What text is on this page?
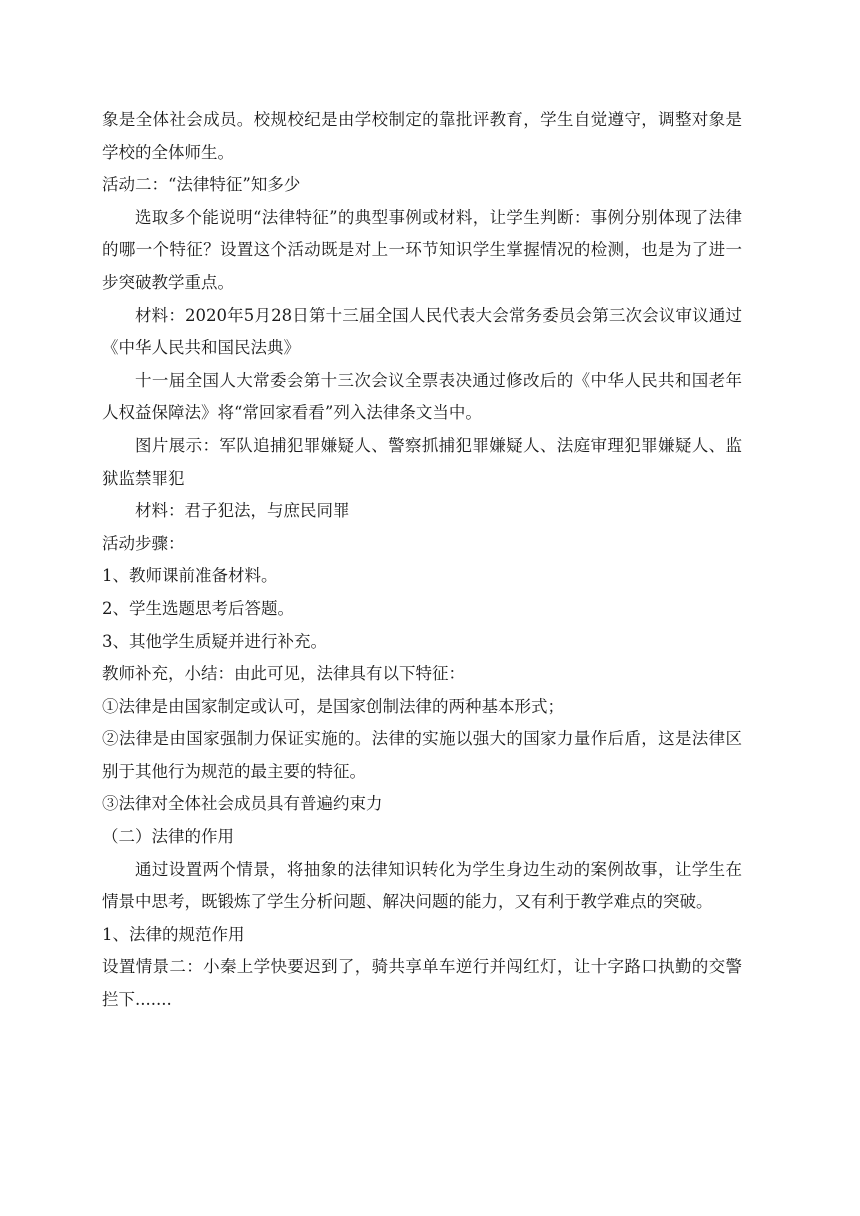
象是全体社会成员。校规校纪是由学校制定的靠批评教育，学生自觉遵守，调整对象是学校的全体师生。

活动二：“法律特征”知多少

选取多个能说明“法律特征”的典型事例或材料，让学生判断：事例分别体现了法律的哪一个特征？设置这个活动既是对上一环节知识学生掌握情况的检测，也是为了进一步突破教学重点。

材料：2020年5月28日第十三届全国人民代表大会常务委员会第三次会议审议通过《中华人民共和国民法典》

十一届全国人大常委会第十三次会议全票表决通过修改后的《中华人民共和国老年人权益保障法》将“常回家看看”列入法律条文当中。

图片展示：军队追捕犯罪嫌疑人、警察抓捕犯罪嫌疑人、法庭审理犯罪嫌疑人、监狱监禁罪犯

材料：君子犯法，与庶民同罪

活动步骤：

1、教师课前准备材料。

2、学生选题思考后答题。

3、其他学生质疑并进行补充。

教师补充，小结：由此可见，法律具有以下特征：

①法律是由国家制定或认可，是国家创制法律的两种基本形式；

②法律是由国家强制力保证实施的。法律的实施以强大的国家力量作后盾，这是法律区别于其他行为规范的最主要的特征。

③法律对全体社会成员具有普遍约束力

（二）法律的作用

通过设置两个情景，将抽象的法律知识转化为学生身边生动的案例故事，让学生在情景中思考，既锻炼了学生分析问题、解决问题的能力，又有利于教学难点的突破。

1、法律的规范作用

设置情景二：小秦上学快要迟到了，骑共享单车逆行并闯红灯，让十字路口执勤的交警拦下.......
